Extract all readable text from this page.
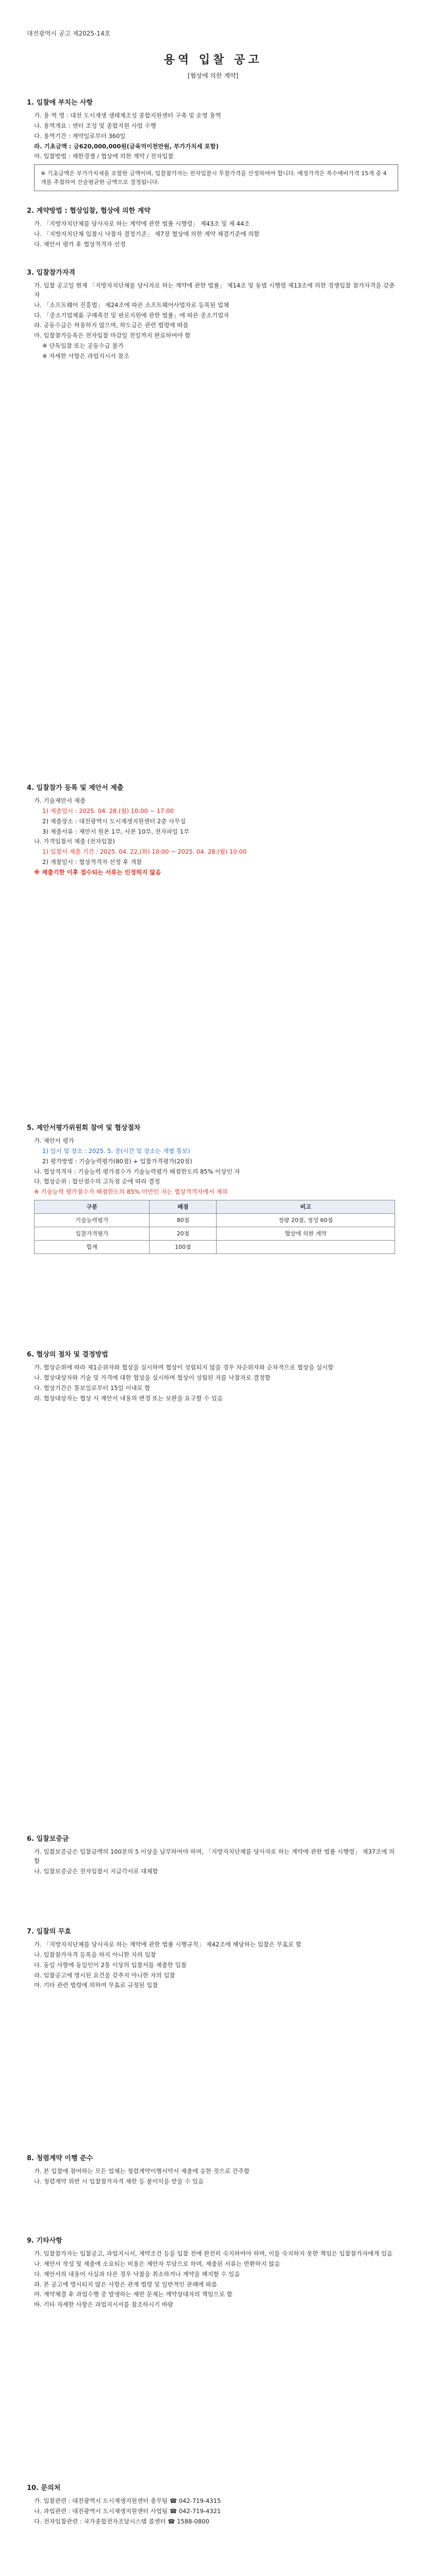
대전광역시 공고 제2025-14호
용역 입찰 공고
[협상에 의한 계약]
1. 입찰에 부치는 사항
가. 용 역 명 : 대전 도시재생 생태계조성 종합지원센터 구축 및 운영 용역
나. 용역개요 : 센터 조성 및 종합지원 사업 수행
다. 용역기간 : 계약일로부터 360일
라. 기초금액 : 금620,000,000원(금육억이천만원, 부가가치세 포함)
마. 입찰방법 : 제한경쟁 / 협상에 의한 계약 / 전자입찰
※ 기초금액은 부가가치세를 포함한 금액이며, 입찰참가자는 전자입찰시 투찰가격을 산정하여야 합니다. 예정가격은 복수예비가격 15개 중 4개를 추첨하여 산술평균한 금액으로 결정됩니다.
2. 계약방법 : 협상입찰, 협상에 의한 계약
가. 「지방자치단체를 당사자로 하는 계약에 관한 법률 시행령」 제43조 및 제 44조
나. 「지방자치단체 입찰시 낙찰자 결정기준」 제7장 협상에 의한 계약 체결기준에 의함
다. 제안서 평가 후 협상적격자 선정
3. 입찰참가자격
가. 입찰 공고일 현재 「지방자치단체를 당사자로 하는 계약에 관한 법률」 제14조 및 동법 시행령 제13조에 의한 경쟁입찰 참가자격을 갖춘 자
나. 「소프트웨어 진흥법」 제24조에 따른 소프트웨어사업자로 등록된 업체
다. 「중소기업제품 구매촉진 및 판로지원에 관한 법률」에 따른 중소기업자
라. 공동수급은 허용하지 않으며, 하도급은 관련 법령에 따름
마. 입찰참가등록은 전자입찰 마감일 전일까지 완료하여야 함
※ 단독입찰 또는 공동수급 불가
※ 자세한 사항은 과업지시서 참조
4. 입찰참가 등록 및 제안서 제출
가. 기술제안서 제출
1) 제출일시 : 2025. 04. 28.(월) 10:00 ~ 17:00
2) 제출장소 : 대전광역시 도시재생지원센터 2층 사무실
3) 제출서류 : 제안서 원본 1부, 사본 10부, 전자파일 1부
나. 가격입찰서 제출 (전자입찰)
1) 입찰서 제출 기간 : 2025. 04. 22.(화) 10:00 ~ 2025. 04. 28.(월) 10:00
2) 개찰일시 : 협상적격자 선정 후 개찰
※ 제출기한 이후 접수되는 서류는 인정하지 않음
5. 제안서평가위원회 참여 및 협상절차
가. 제안서 평가
1) 일시 및 장소 : 2025. 5. 중(시간 및 장소는 개별 통보)
2) 평가방법 : 기술능력평가(80점) + 입찰가격평가(20점)
나. 협상적격자 : 기술능력 평가점수가 기술능력평가 배점한도의 85% 이상인 자
다. 협상순위 : 합산점수의 고득점 순에 따라 결정
※ 기술능력 평가점수가 배점한도의 85% 미만인 자는 협상적격자에서 제외
구분	배점	비고
기술능력평가	80점	정량 20점, 정성 60점
입찰가격평가	20점	협상에 의한 계약
합계	100점	
6. 협상의 절차 및 결정방법
가. 협상순위에 따라 제1순위자와 협상을 실시하며 협상이 성립되지 않을 경우 차순위자와 순차적으로 협상을 실시함
나. 협상대상자와 기술 및 가격에 대한 협상을 실시하며 협상이 성립된 자를 낙찰자로 결정함
다. 협상기간은 통보일로부터 15일 이내로 함
라. 협상대상자는 협상 시 제안서 내용의 변경 또는 보완을 요구할 수 있음
6. 입찰보증금
가. 입찰보증금은 입찰금액의 100분의 5 이상을 납부하여야 하며, 「지방자치단체를 당사자로 하는 계약에 관한 법률 시행령」 제37조에 의함
나. 입찰보증금은 전자입찰시 지급각서로 대체함
7. 입찰의 무효
가. 「지방자치단체를 당사자로 하는 계약에 관한 법률 시행규칙」 제42조에 해당하는 입찰은 무효로 함
나. 입찰참가자격 등록을 하지 아니한 자의 입찰
다. 동일 사항에 동일인이 2통 이상의 입찰서를 제출한 입찰
라. 입찰공고에 명시된 요건을 갖추지 아니한 자의 입찰
마. 기타 관련 법령에 의하여 무효로 규정된 입찰
8. 청렴계약 이행 준수
가. 본 입찰에 참여하는 모든 업체는 청렴계약이행서약서 제출에 응한 것으로 간주함
나. 청렴계약 위반 시 입찰참가자격 제한 등 불이익을 받을 수 있음
9. 기타사항
가. 입찰참가자는 입찰공고, 과업지시서, 계약조건 등을 입찰 전에 완전히 숙지하여야 하며, 이를 숙지하지 못한 책임은 입찰참가자에게 있음
나. 제안서 작성 및 제출에 소요되는 비용은 제안자 부담으로 하며, 제출된 서류는 반환하지 않음
다. 제안서의 내용이 사실과 다른 경우 낙찰을 취소하거나 계약을 해지할 수 있음
라. 본 공고에 명시되지 않은 사항은 관계 법령 및 일반적인 관례에 따름
마. 계약체결 후 과업수행 중 발생하는 제반 문제는 계약상대자의 책임으로 함
바. 기타 자세한 사항은 과업지시서를 참조하시기 바람
10. 문의처
가. 입찰관련 : 대전광역시 도시재생지원센터 총무팀 ☎ 042-719-4315
나. 과업관련 : 대전광역시 도시재생지원센터 사업팀 ☎ 042-719-4321
다. 전자입찰관련 : 국가종합전자조달시스템 콜센터 ☎ 1588-0800
